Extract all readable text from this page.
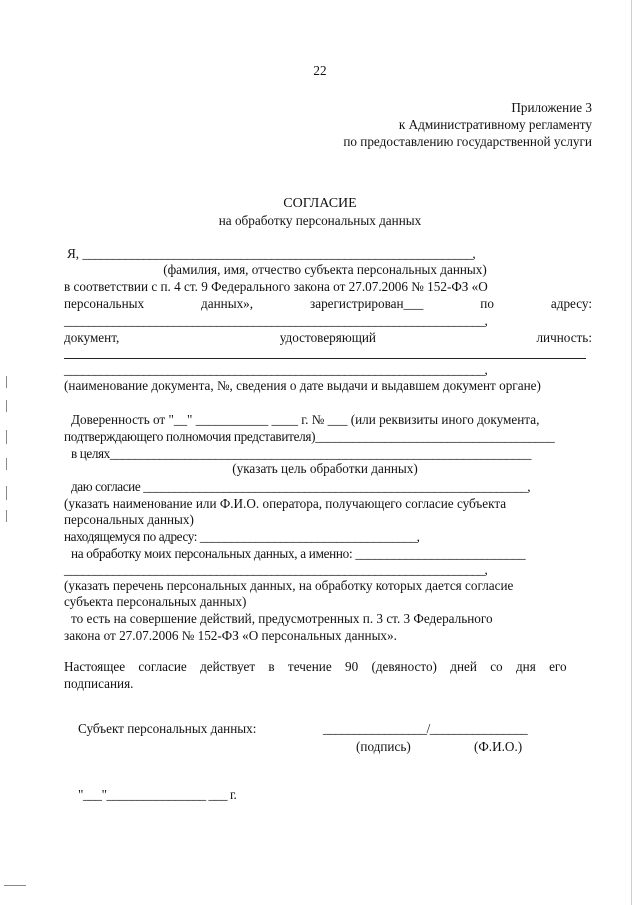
22
Приложение 3
к Административному регламенту
по предоставлению государственной услуги
СОГЛАСИЕ
на обработку персональных данных
Я, ________________________________________________________________,
(фамилия, имя, отчество субъекта персональных данных)
в соответствии с п. 4 ст. 9 Федерального закона от 27.07.2006 № 152-ФЗ «О
персональных	данных»,	зарегистрирован___	по	адресу:
_____________________________________________________________________,
документ,	удостоверяющий	личность:
_____________________________________________________________________,
(наименование документа, №, сведения о дате выдачи и выдавшем документ органе)
Доверенность от "__" ___________ ____ г. № ___ (или реквизиты иного документа,
подтверждающего полномочия представителя)______________________________________
в целях____________________________________________________________________
(указать цель обработки данных)
даю согласие ______________________________________________________________,
(указать наименование или Ф.И.О. оператора, получающего согласие субъекта
персональных данных)
находящемуся по адресу: ___________________________________,
на обработку моих персональных данных, а именно: ___________________________
_____________________________________________________________________,
(указать перечень персональных данных, на обработку которых дается согласие
субъекта персональных данных)
то есть на совершение действий, предусмотренных п. 3 ст. 3 Федерального
закона от 27.07.2006 № 152-ФЗ «О персональных данных».
Настоящее согласие действует в течение 90 (девяносто) дней со дня его
подписания.
Субъект персональных данных:	_________________/________________
(подпись)	(Ф.И.О.)
"___"________________ ___ г.
